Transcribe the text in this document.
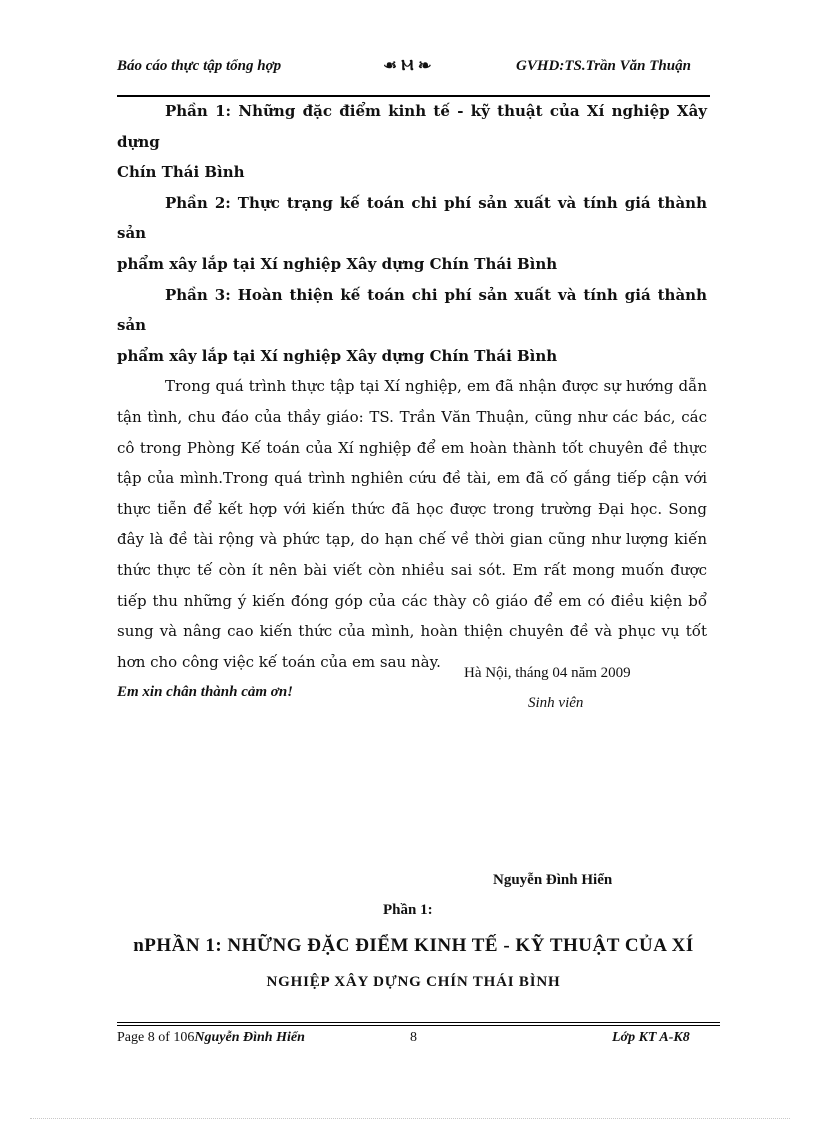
Báo cáo thực tập tổng hợp	☙ Ⲙ ❧	GVHD:TS.Trần Văn Thuận

Phần 1: Những đặc điểm kinh tế - kỹ thuật của Xí nghiệp Xây dựng

Chín Thái Bình

Phần 2: Thực trạng kế toán chi phí sản xuất và tính giá thành sản

phẩm xây lắp tại Xí nghiệp Xây dựng Chín Thái Bình

Phần 3: Hoàn thiện kế toán chi phí sản xuất và tính giá thành sản

phẩm xây lắp tại Xí nghiệp Xây dựng Chín Thái Bình

Trong quá trình thực tập tại Xí nghiệp, em đã nhận được sự hướng dẫn tận tình, chu đáo của thầy giáo: TS. Trần Văn Thuận, cũng như các bác, các cô trong Phòng Kế toán của Xí nghiệp để em hoàn thành tốt chuyên đề thực tập của mình.Trong quá trình nghiên cứu đề tài, em đã cố gắng tiếp cận với thực tiễn để kết hợp với kiến thức đã học được trong trường Đại học. Song đây là đề tài rộng và phức tạp, do hạn chế về thời gian cũng như lượng kiến thức thực tế còn ít nên bài viết còn nhiều sai sót. Em rất mong muốn được tiếp thu những ý kiến đóng góp của các thày cô giáo để em có điều kiện bổ sung và nâng cao kiến thức của mình, hoàn thiện chuyên đề và phục vụ tốt hơn cho công việc kế toán của em sau này.

Em xin chân thành cảm ơn!

Hà Nội, tháng 04 năm 2009
Sinh viên
Nguyễn Đình Hiển
Phần 1:
nPHẦN 1: NHỮNG ĐẶC ĐIỂM KINH TẾ - KỸ THUẬT CỦA XÍ
NGHIỆP XÂY DỰNG CHÍN THÁI BÌNH
Page 8 of 106Nguyễn Đình Hiển	8	Lớp KT A-K8
